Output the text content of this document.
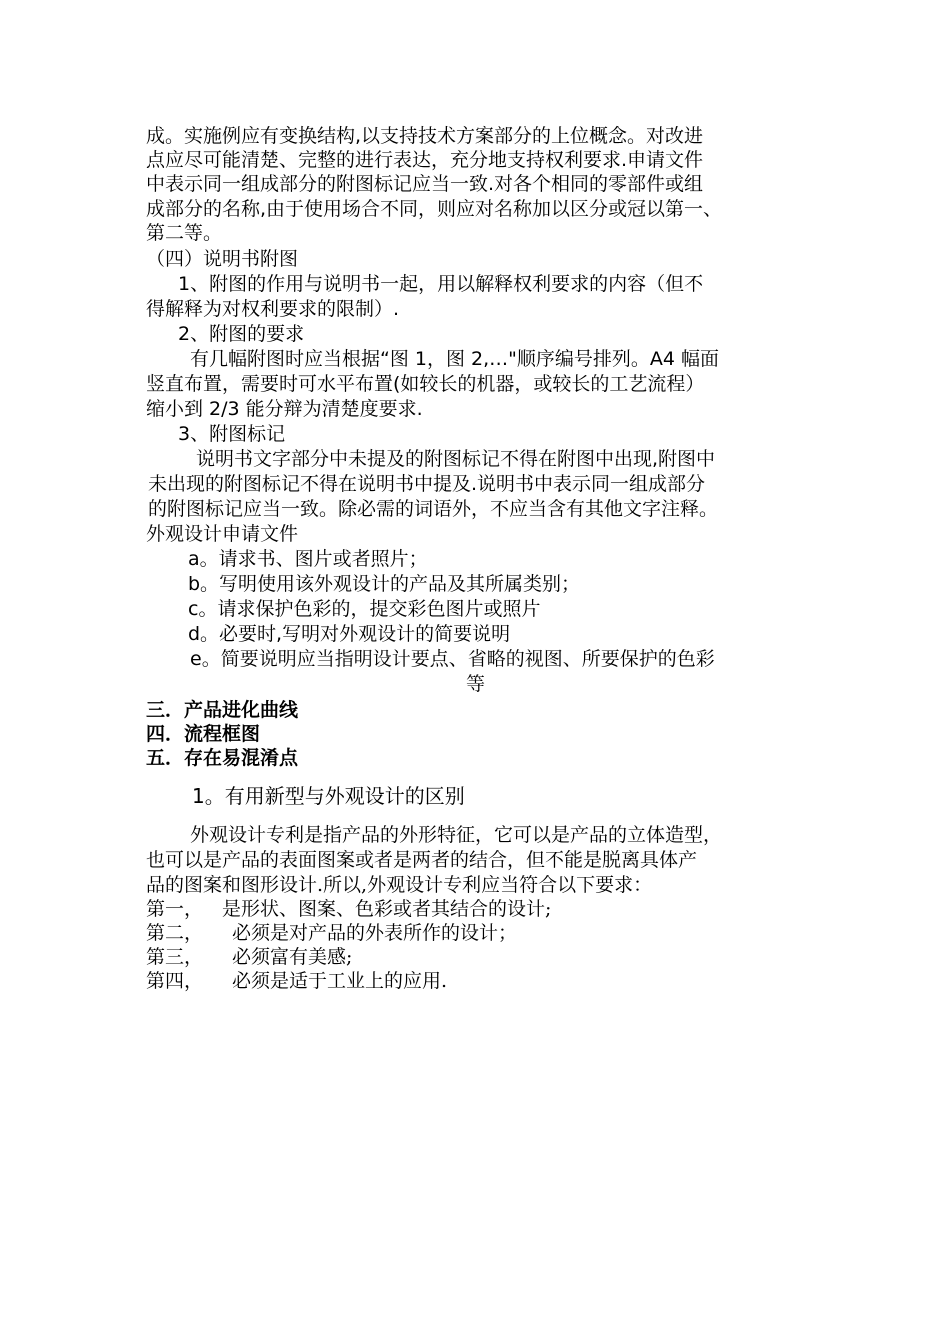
成。实施例应有变换结构,以支持技术方案部分的上位概念。对改进
点应尽可能清楚、完整的进行表达，充分地支持权利要求.申请文件
中表示同一组成部分的附图标记应当一致.对各个相同的零部件或组
成部分的名称,由于使用场合不同，则应对名称加以区分或冠以第一、
第二等。
（四）说明书附图
1、附图的作用与说明书一起，用以解释权利要求的内容（但不
得解释为对权利要求的限制）.
2、附图的要求
有几幅附图时应当根据“图 1，图 2,…"顺序编号排列。A4 幅面
竖直布置，需要时可水平布置(如较长的机器，或较长的工艺流程）
缩小到 2/3 能分辩为清楚度要求.
3、附图标记
说明书文字部分中未提及的附图标记不得在附图中出现,附图中
未出现的附图标记不得在说明书中提及.说明书中表示同一组成部分
的附图标记应当一致。除必需的词语外，不应当含有其他文字注释。
外观设计申请文件
a。请求书、图片或者照片；
b。写明使用该外观设计的产品及其所属类别；
c。请求保护色彩的，提交彩色图片或照片
d。必要时,写明对外观设计的简要说明
e。简要说明应当指明设计要点、省略的视图、所要保护的色彩
等
三．产品进化曲线
四．流程框图
五．存在易混淆点
1。有用新型与外观设计的区别
外观设计专利是指产品的外形特征，它可以是产品的立体造型，
也可以是产品的表面图案或者是两者的结合，但不能是脱离具体产
品的图案和图形设计.所以,外观设计专利应当符合以下要求：
第一， 是形状、图案、色彩或者其结合的设计;
第二， 必须是对产品的外表所作的设计；
第三， 必须富有美感;
第四， 必须是适于工业上的应用.
